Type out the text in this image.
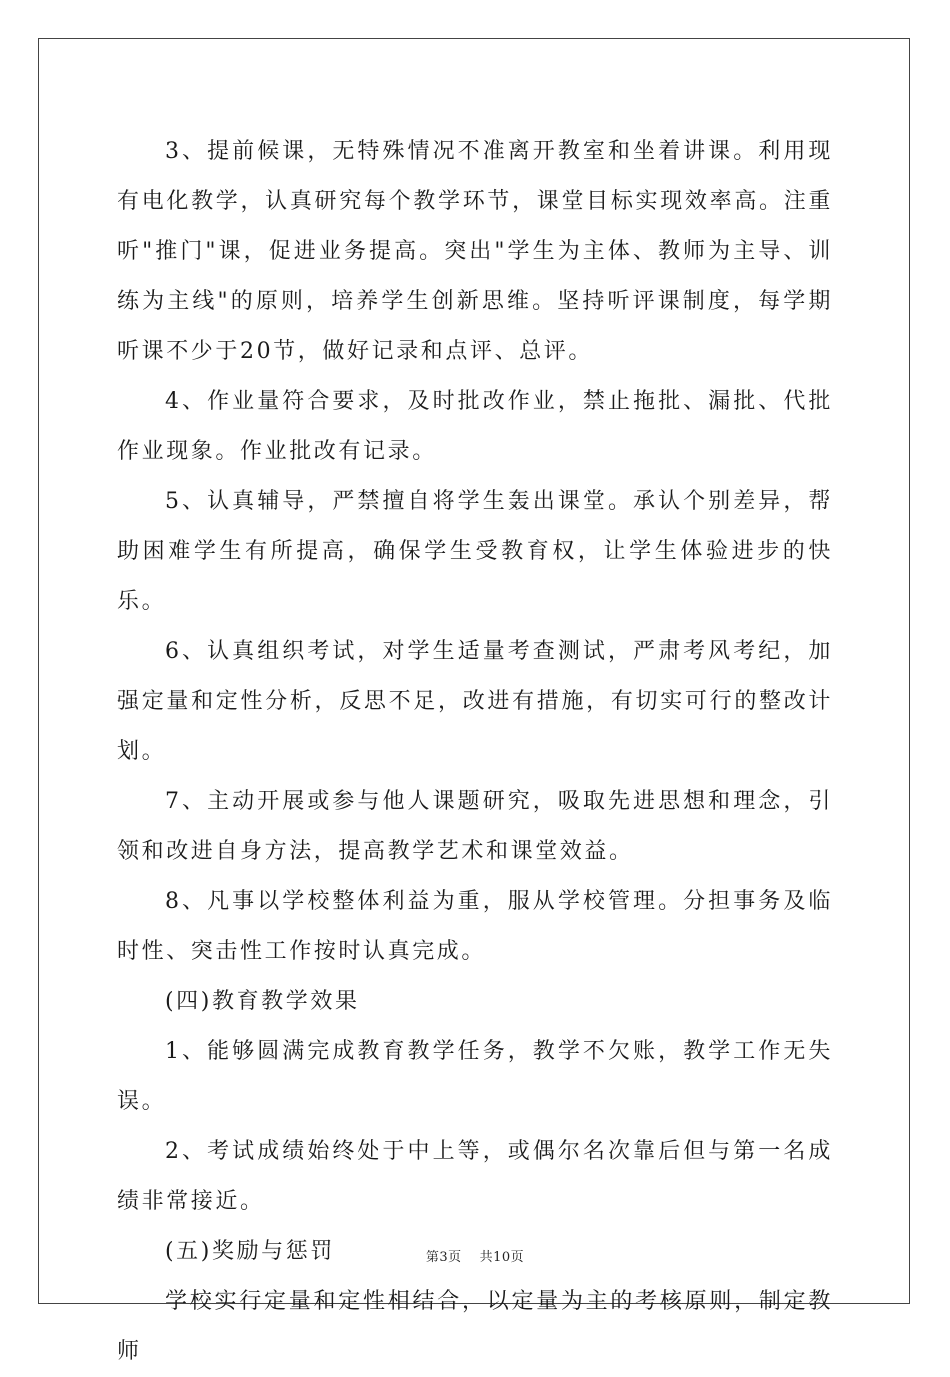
3、提前候课，无特殊情况不准离开教室和坐着讲课。利用现有电化教学，认真研究每个教学环节，课堂目标实现效率高。注重听"推门"课，促进业务提高。突出"学生为主体、教师为主导、训练为主线"的原则，培养学生创新思维。坚持听评课制度，每学期听课不少于20节，做好记录和点评、总评。

4、作业量符合要求，及时批改作业，禁止拖批、漏批、代批作业现象。作业批改有记录。

5、认真辅导，严禁擅自将学生轰出课堂。承认个别差异，帮助困难学生有所提高，确保学生受教育权，让学生体验进步的快乐。

6、认真组织考试，对学生适量考查测试，严肃考风考纪，加强定量和定性分析，反思不足，改进有措施，有切实可行的整改计划。

7、主动开展或参与他人课题研究，吸取先进思想和理念，引领和改进自身方法，提高教学艺术和课堂效益。

8、凡事以学校整体利益为重，服从学校管理。分担事务及临时性、突击性工作按时认真完成。

(四)教育教学效果

1、能够圆满完成教育教学任务，教学不欠账，教学工作无失误。

2、考试成绩始终处于中上等，或偶尔名次靠后但与第一名成绩非常接近。

(五)奖励与惩罚

学校实行定量和定性相结合，以定量为主的考核原则，制定教师

第3页 共10页
